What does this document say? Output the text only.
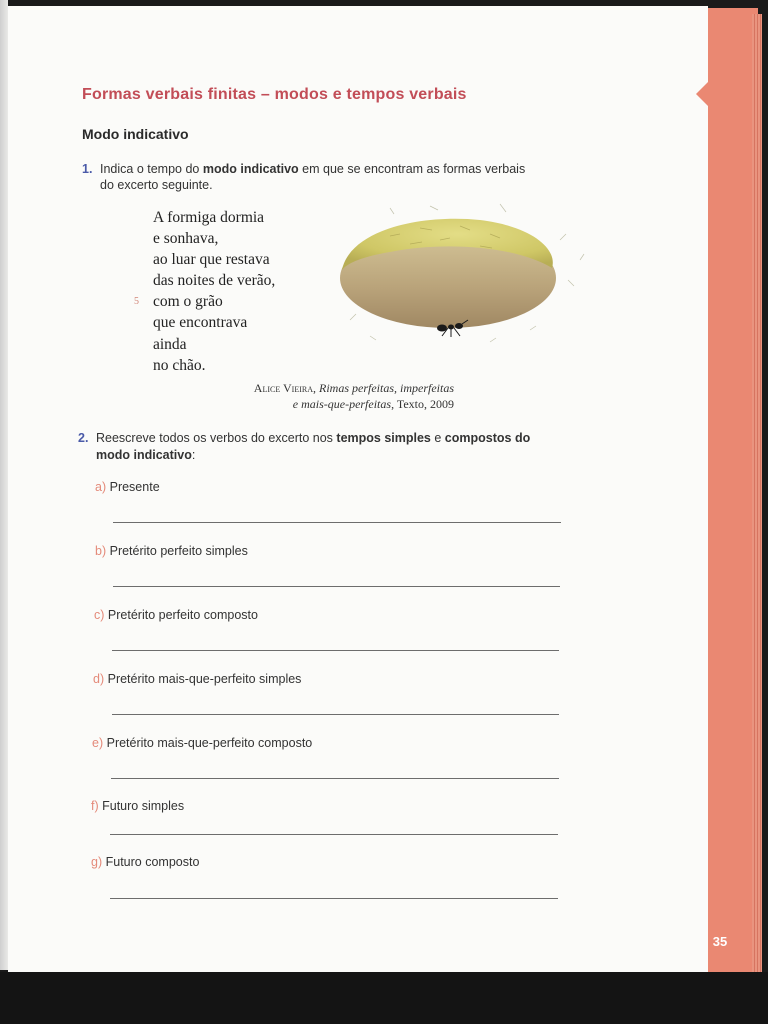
35
Formas verbais finitas – modos e tempos verbais
Modo indicativo
1. Indica o tempo do modo indicativo em que se encontram as formas verbais
do excerto seguinte.
A formiga dormia
e sonhava,
ao luar que restava
das noites de verão,
com o grão
que encontrava
ainda
no chão.
5
Alice Vieira, Rimas perfeitas, imperfeitas
e mais-que-perfeitas, Texto, 2009
2. Reescreve todos os verbos do excerto nos tempos simples e compostos do
modo indicativo:
a) Presente
b) Pretérito perfeito simples
c) Pretérito perfeito composto
d) Pretérito mais-que-perfeito simples
e) Pretérito mais-que-perfeito composto
f) Futuro simples
g) Futuro composto
